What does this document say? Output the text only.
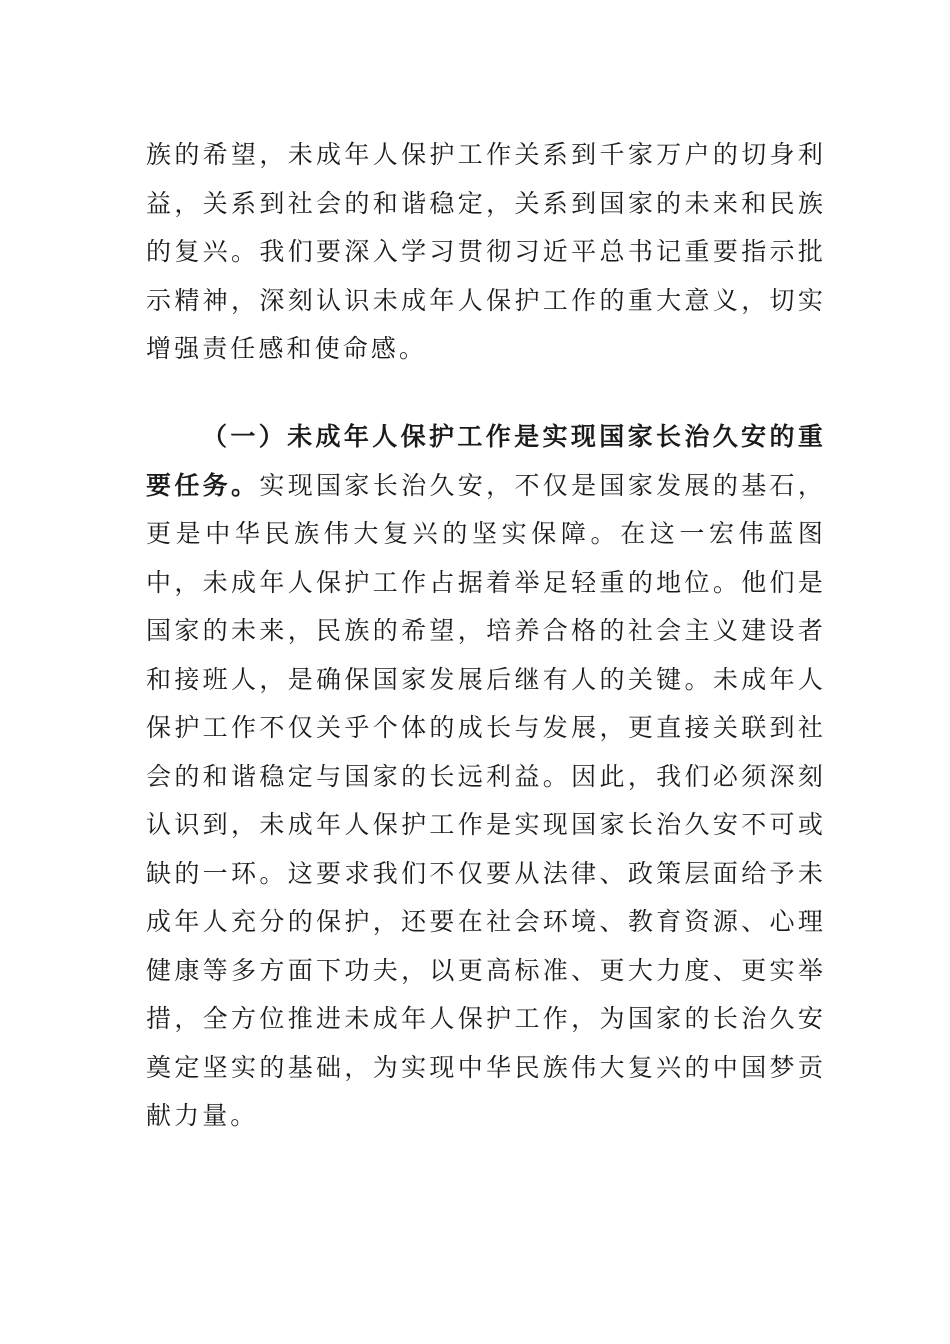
族的希望，未成年人保护工作关系到千家万户的切身利益，关系到社会的和谐稳定，关系到国家的未来和民族的复兴。我们要深入学习贯彻习近平总书记重要指示批示精神，深刻认识未成年人保护工作的重大意义，切实增强责任感和使命感。

（一）未成年人保护工作是实现国家长治久安的重要任务。实现国家长治久安，不仅是国家发展的基石，更是中华民族伟大复兴的坚实保障。在这一宏伟蓝图中，未成年人保护工作占据着举足轻重的地位。他们是国家的未来，民族的希望，培养合格的社会主义建设者和接班人，是确保国家发展后继有人的关键。未成年人保护工作不仅关乎个体的成长与发展，更直接关联到社会的和谐稳定与国家的长远利益。因此，我们必须深刻认识到，未成年人保护工作是实现国家长治久安不可或缺的一环。这要求我们不仅要从法律、政策层面给予未成年人充分的保护，还要在社会环境、教育资源、心理健康等多方面下功夫，以更高标准、更大力度、更实举措，全方位推进未成年人保护工作，为国家的长治久安奠定坚实的基础，为实现中华民族伟大复兴的中国梦贡献力量。
